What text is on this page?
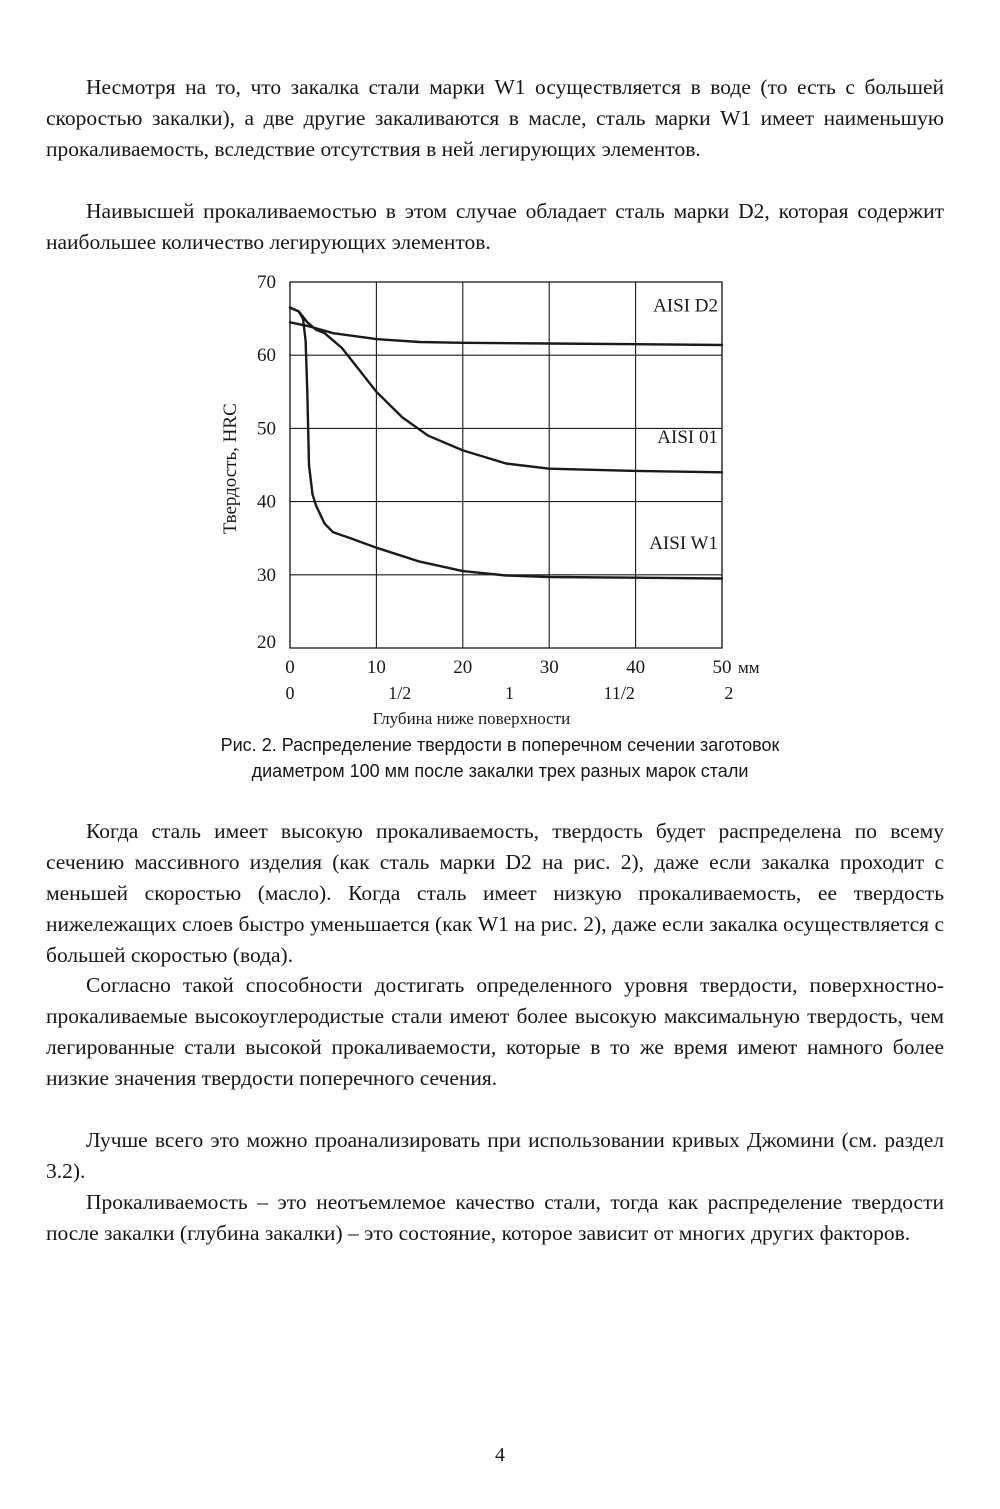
Несмотря на то, что закалка стали марки W1 осуществляется в воде (то есть с большей скоростью закалки), а две другие закаливаются в масле, сталь марки W1 имеет наименьшую прокаливаемость, вследствие отсутствия в ней легирующих элементов.

Наивысшей прокаливаемостью в этом случае обладает сталь марки D2, которая содержит наибольшее количество легирующих элементов.

20
30
40
50
60
70
0	10	20	30	40	50 мм
0	1/2	1	11/2	2
Глубина ниже поверхности
Твердость, HRC
AISI D2
AISI 01
AISI W1

Рис. 2. Распределение твердости в поперечном сечении заготовок

диаметром 100 мм после закалки трех разных марок стали

Когда сталь имеет высокую прокаливаемость, твердость будет распределена по всему сечению массивного изделия (как сталь марки D2 на рис. 2), даже если закалка проходит с меньшей скоростью (масло). Когда сталь имеет низкую прокаливаемость, ее твердость нижележащих слоев быстро уменьшается (как W1 на рис. 2), даже если закалка осуществляется с большей скоростью (вода).

Согласно такой способности достигать определенного уровня твердости, поверхностно-прокаливаемые высокоуглеродистые стали имеют более высокую максимальную твердость, чем легированные стали высокой прокаливаемости, которые в то же время имеют намного более низкие значения твердости поперечного сечения.

Лучше всего это можно проанализировать при использовании кривых Джомини (см. раздел 3.2).

Прокаливаемость – это неотъемлемое качество стали, тогда как распределение твердости после закалки (глубина закалки) – это состояние, которое зависит от многих других факторов.

4
